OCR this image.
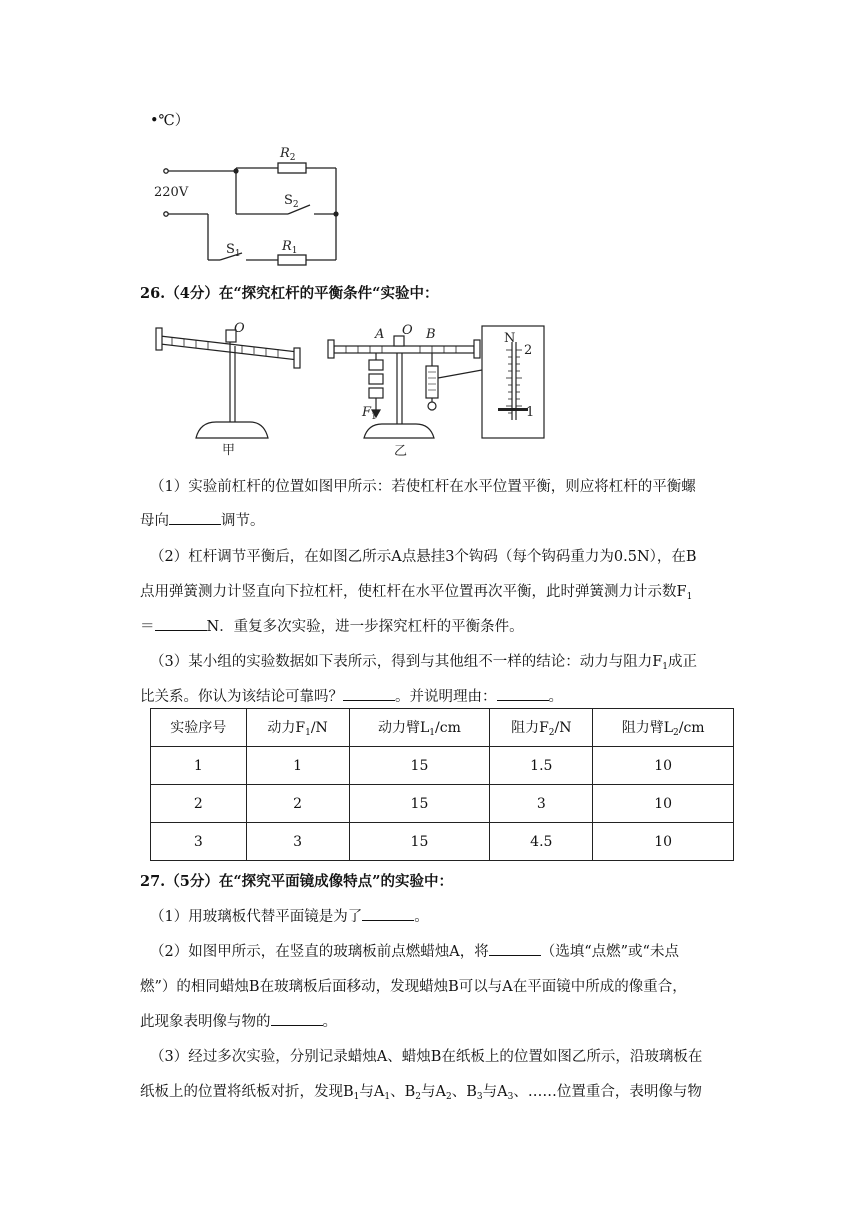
•℃）
220V
$R_2$
$S_2$
$S_1$	$R_1$
26.（4分）在“探究杠杆的平衡条件“实验中：
O
甲
A O B
$F_1$
N
2
1
乙
（1）实验前杠杆的位置如图甲所示：若使杠杆在水平位置平衡，则应将杠杆的平衡螺
母向	调节。
（2）杠杆调节平衡后，在如图乙所示A点悬挂3个钩码（每个钩码重力为0.5N），在B
点用弹簧测力计竖直向下拉杠杆，使杠杆在水平位置再次平衡，此时弹簧测力计示数$F_1$
＝	N．重复多次实验，进一步探究杠杆的平衡条件。
（3）某小组的实验数据如下表所示，得到与其他组不一样的结论：动力与阻力$F_1$成正
比关系。你认为该结论可靠吗？	。并说明理由：	。
实验序号	动力$F_1/N$	动力臂$L_1/cm$	阻力$F_2/N$	阻力臂$L_2/cm$
1	1	15	1.5	10
2	2	15	3	10
3	3	15	4.5	10
27.（5分）在“探究平面镜成像特点”的实验中：
（1）用玻璃板代替平面镜是为了	。
（2）如图甲所示，在竖直的玻璃板前点燃蜡烛A，将	（选填“点燃”或“未点
燃”）的相同蜡烛B在玻璃板后面移动，发现蜡烛B可以与A在平面镜中所成的像重合，
此现象表明像与物的	。
（3）经过多次实验，分别记录蜡烛A、蜡烛B在纸板上的位置如图乙所示，沿玻璃板在
纸板上的位置将纸板对折，发现$B_1$与$A_1$、$B_2$与$A_2$、$B_3$与$A_3$、……位置重合，表明像与物
